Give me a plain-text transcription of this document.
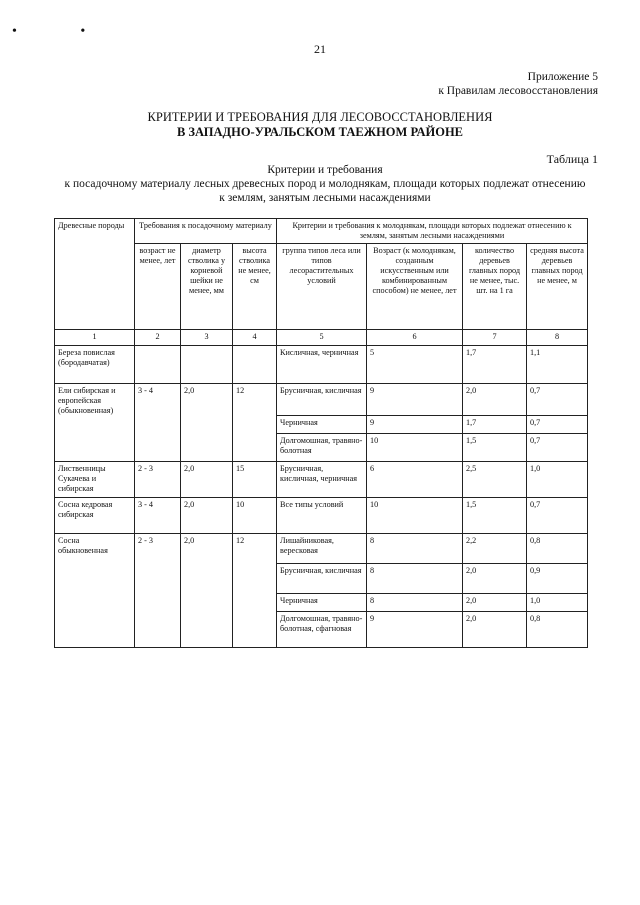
• •
21
Приложение 5
к Правилам лесовосстановления
КРИТЕРИИ И ТРЕБОВАНИЯ ДЛЯ ЛЕСОВОССТАНОВЛЕНИЯ
В ЗАПАДНО-УРАЛЬСКОМ ТАЕЖНОМ РАЙОНЕ
Таблица 1
Критерии и требования
к посадочному материалу лесных древесных пород и молоднякам, площади которых подлежат отнесению
к землям, занятым лесными насаждениями
Древесные породы	Требования к посадочному материалу			Критерии и требования к молоднякам, площади которых подлежат отнесению к землям, занятым лесными насаждениями			
	возраст не менее, лет	диаметр стволика у корневой шейки не менее, мм	высота стволика не менее, см	группа типов леса или типов лесорастительных условий	Возраст (к молоднякам, созданным искусственным или комбинированным способом) не менее, лет	количество деревьев главных пород не менее, тыс. шт. на 1 га	средняя высота деревьев главных пород не менее, м
1	2	3	4	5	6	7	8
Береза повислая (бородавчатая)				Кисличная, черничная	5	1,7	1,1
Ели сибирская и европейская (обыкновенная)	3 - 4	2,0	12	Брусничная, кисличная	9	2,0	0,7
				Черничная	9	1,7	0,7
				Долгомошная, травяно-болотная	10	1,5	0,7
Лиственницы Сукачева и сибирская	2 - 3	2,0	15	Брусничная, кисличная, черничная	6	2,5	1,0
Сосна кедровая сибирская	3 - 4	2,0	10	Все типы условий	10	1,5	0,7
Сосна обыкновенная	2 - 3	2,0	12	Лишайниковая, вересковая	8	2,2	0,8
				Брусничная, кисличная	8	2,0	0,9
				Черничная	8	2,0	1,0
				Долгомошная, травяно-болотная, сфагновая	9	2,0	0,8
